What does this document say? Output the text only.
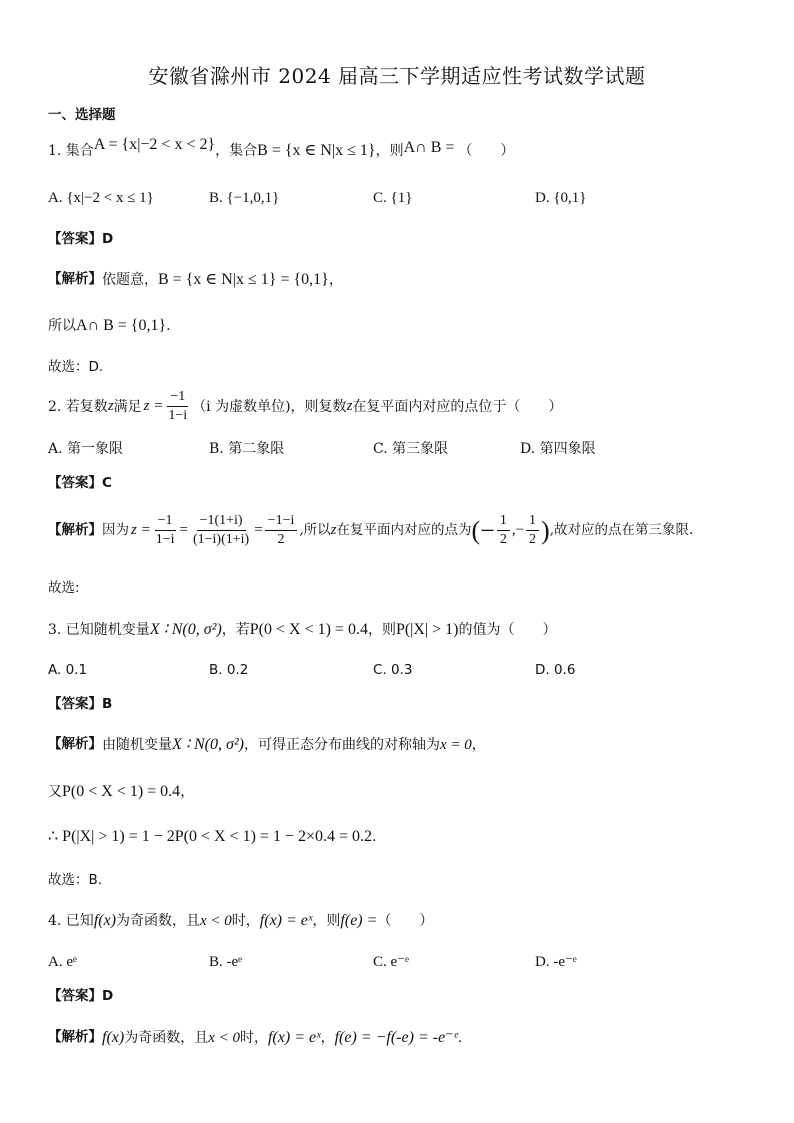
安徽省滁州市 2024 届高三下学期适应性考试数学试题
一、选择题
1. 集合 A = {x|−2 < x < 2} ，集合 B = {x ∈ N|x ≤ 1} ，则 A∩ B = （　　）
A. {x|−2 < x ≤ 1}	B. {−1,0,1}	C. {1}	D. {0,1}
【答案】D
【解析】 依题意， B = {x ∈ N|x ≤ 1} = {0,1} ，
所以 A∩ B = {0,1} .
故选：D.
2. 若复数 z 满足 $z = \frac{-1}{1-i} (i$ 为虚数单位)，则复数 z 在复平面内对应的点位于（　　）
A. 第一象限	B. 第二象限	C. 第三象限	D. 第四象限
【答案】C
【解析】 因为 $z = \frac{-1}{1-i} = \frac{-1(1+i)}{(1-i)(1+i)} = \frac{-1-i}{2}$ ,所以 z 在复平面内对应的点为 (− $\frac{1}{2}$ ,− $\frac{1}{2}$ ) ,故对应的点在第三象限.
故选:
3. 已知随机变量 X ∶ N(0, σ²) ，若 P(0 < X < 1) = 0.4 ，则 P(|X| > 1) 的值为（　　）
A. 0.1	B. 0.2	C. 0.3	D. 0.6
【答案】B
【解析】 由随机变量 X ∶ N(0, σ²) ，可得正态分布曲线的对称轴为 x = 0 ，
又 P(0 < X < 1) = 0.4 ，
∴ P(|X| > 1) = 1 − 2P(0 < X < 1) = 1 − 2×0.4 = 0.2 .
故选：B.
4. 已知 f(x) 为奇函数，且 x < 0 时， f(x) = eˣ ，则 f(e) = （　　）
A. eᵉ	B. -eᵉ	C. e⁻ᵉ	D. -e⁻ᵉ
【答案】D
【解析】 f(x) 为奇函数，且 x < 0 时， f(x) = eˣ ， f(e) = −f(-e) = -e⁻ᵉ .
